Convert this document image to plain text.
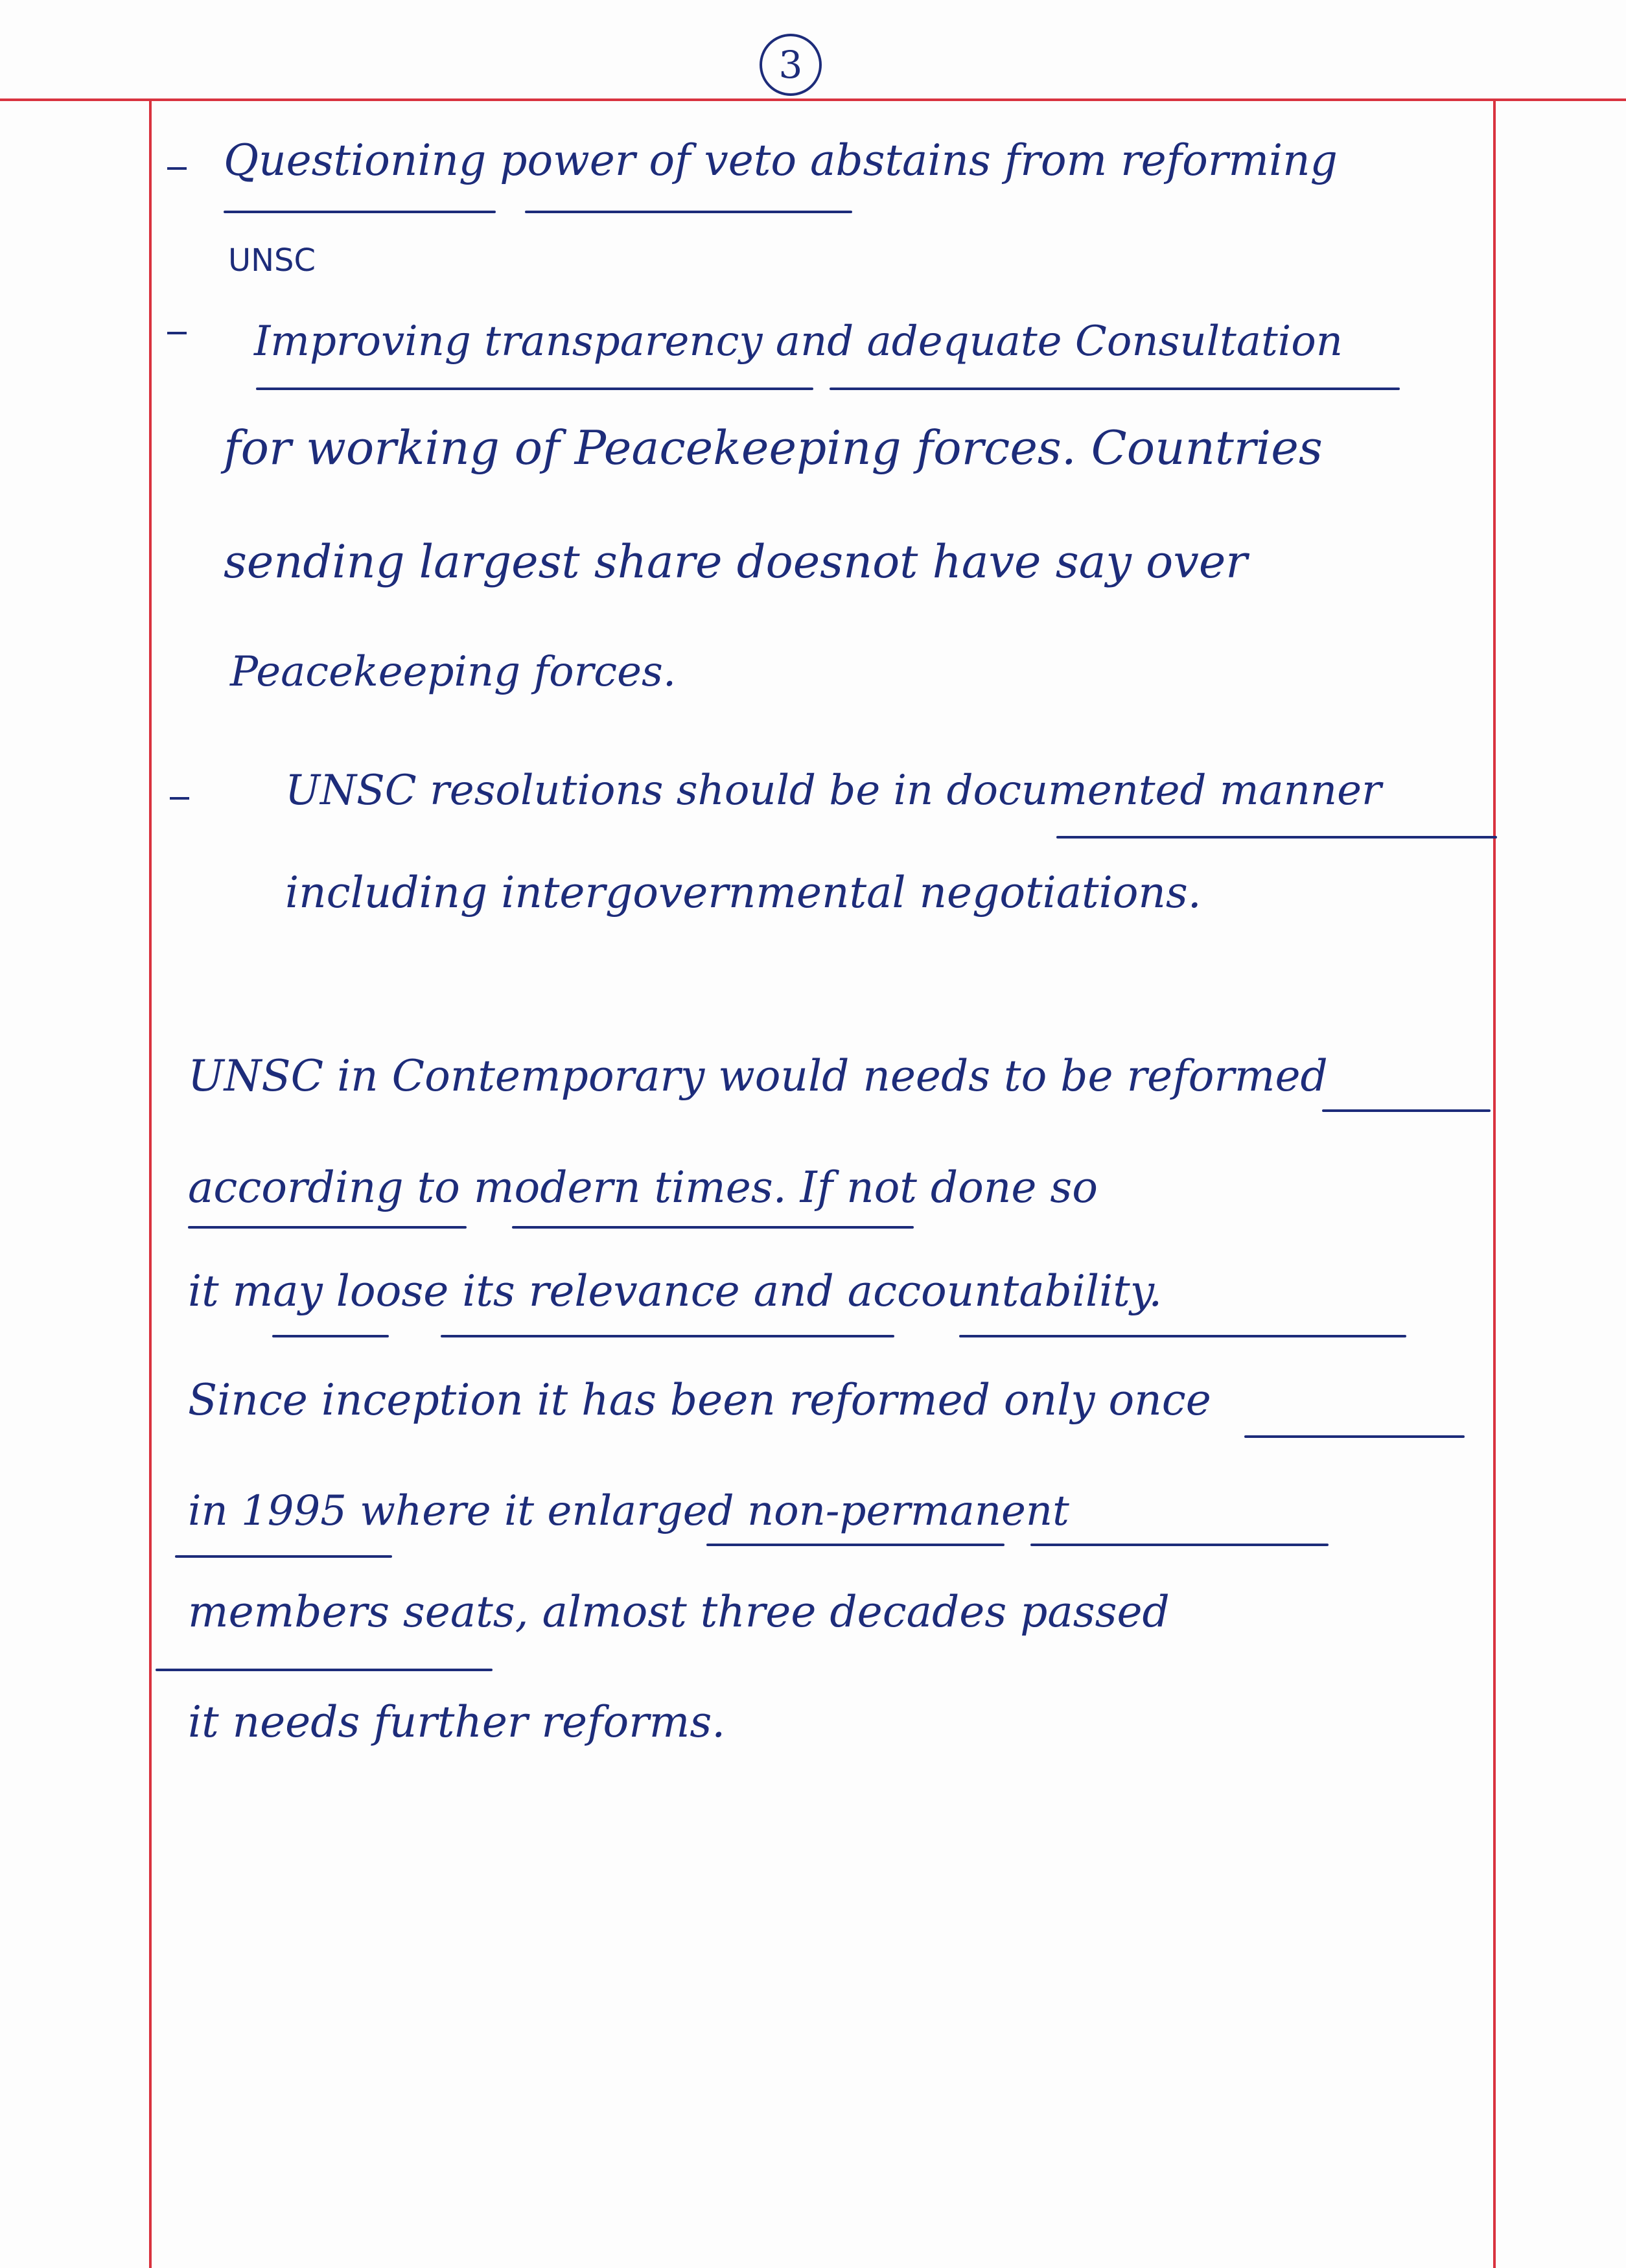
3
Questioning power of veto abstains from reforming
UNSC
Improving transparency and adequate Consultation
for working of Peacekeeping forces. Countries
sending largest share doesnot have say over
Peacekeeping forces.
UNSC resolutions should be in documented manner
including intergovernmental negotiations.
UNSC in Contemporary would needs to be reformed
according to modern times. If not done so
it may loose its relevance and accountability.
Since inception it has been reformed only once
in 1995 where it enlarged non-permanent
members seats, almost three decades passed
it needs further reforms.
